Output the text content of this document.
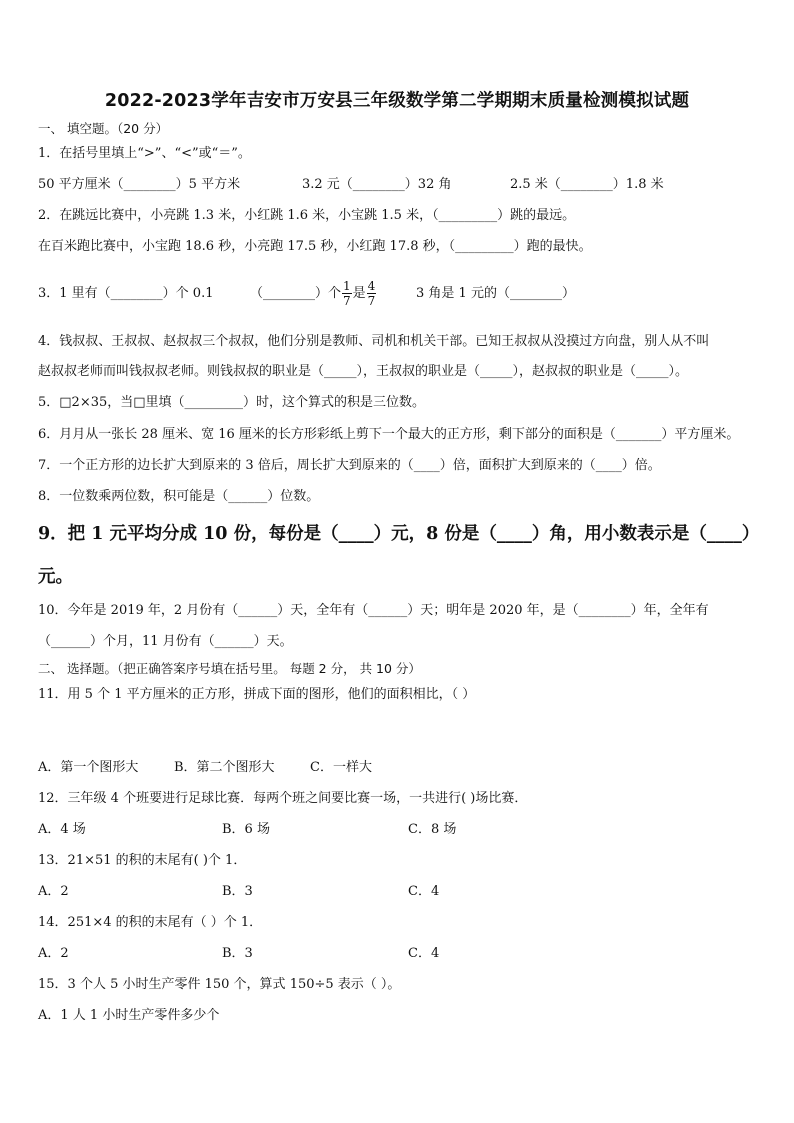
2022-2023学年吉安市万安县三年级数学第二学期期末质量检测模拟试题
一、 填空题。（20 分）
1．在括号里填上“>”、“<”或“＝”。
50 平方厘米（________）5 平方米	3.2 元（________）32 角	2.5 米（________）1.8 米
2．在跳远比赛中，小亮跳 1.3 米，小红跳 1.6 米，小宝跳 1.5 米，（_________）跳的最远。
在百米跑比赛中，小宝跑 18.6 秒，小亮跑 17.5 秒，小红跑 17.8 秒，（_________）跑的最快。
3．1 里有（________）个 0.1	（________）个 $\frac{1}{7}$ 是 $\frac{4}{7}$	3 角是 1 元的（________）
4．钱叔叔、王叔叔、赵叔叔三个叔叔，他们分别是教师、司机和机关干部。已知王叔叔从没摸过方向盘，别人从不叫
赵叔叔老师而叫钱叔叔老师。则钱叔叔的职业是（_____），王叔叔的职业是（_____），赵叔叔的职业是（_____）。
5．□2×35，当□里填（_________）时，这个算式的积是三位数。
6．月月从一张长 28 厘米、宽 16 厘米的长方形彩纸上剪下一个最大的正方形，剩下部分的面积是（_______）平方厘米。
7．一个正方形的边长扩大到原来的 3 倍后，周长扩大到原来的（____）倍，面积扩大到原来的（____）倍。
8．一位数乘两位数，积可能是（______）位数。
9．把 1 元平均分成 10 份，每份是（____）元，8 份是（____）角，用小数表示是（____）
元。
10．今年是 2019 年，2 月份有（______）天，全年有（______）天；明年是 2020 年，是（________）年，全年有
（______）个月，11 月份有（______）天。
二、 选择题。（把正确答案序号填在括号里。 每题 2 分， 共 10 分）
11．用 5 个 1 平方厘米的正方形，拼成下面的图形，他们的面积相比，（ ）
A．第一个图形大	B．第二个图形大	C．一样大
12．三年级 4 个班要进行足球比赛．每两个班之间要比赛一场，一共进行( )场比赛．
A．4 场	B．6 场	C．8 场
13．21×51 的积的末尾有( )个 1．
A．2	B．3	C．4
14．251×4 的积的末尾有（ ）个 1．
A．2	B．3	C．4
15．3 个人 5 小时生产零件 150 个，算式 150÷5 表示（ ）。
A．1 人 1 小时生产零件多少个
